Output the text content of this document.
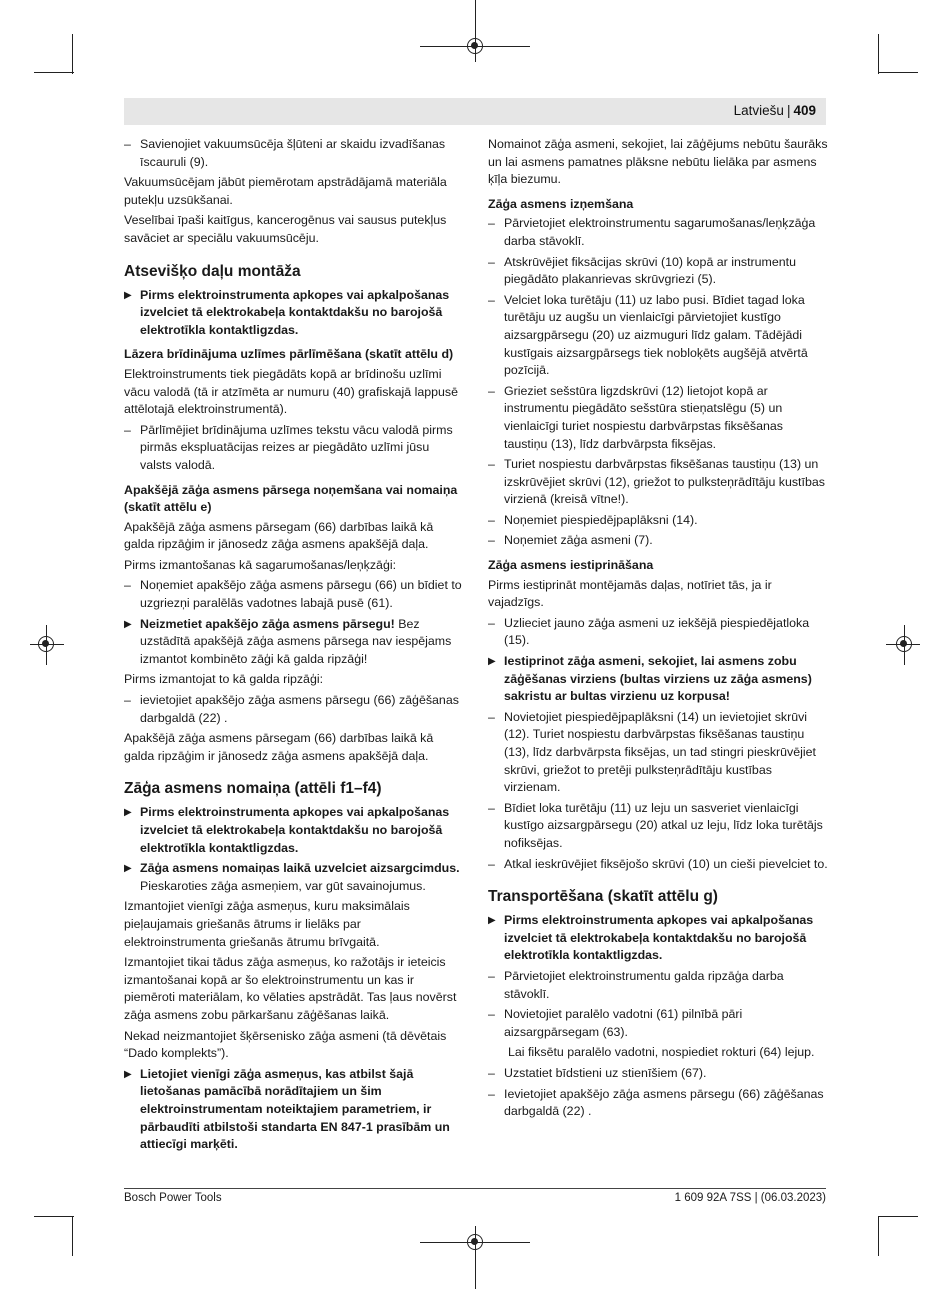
Latviešu | 409
– Savienojiet vakuumsūcēja šļūteni ar skaidu izvadīšanas īscauruli (9).
Vakuumsūcējam jābūt piemērotam apstrādājamā materiāla putekļu uzsūkšanai.
Veselībai īpaši kaitīgus, kancerogēnus vai sausus putekļus savāciet ar speciālu vakuumsūcēju.
Atsevišķo daļu montāža
▶ Pirms elektroinstrumenta apkopes vai apkalpošanas izvelciet tā elektrokabeļa kontaktdakšu no barojošā elektrotīkla kontaktligzdas.
Lāzera brīdinājuma uzlīmes pārlīmēšana (skatīt attēlu d)
Elektroinstruments tiek piegādāts kopā ar brīdinošu uzlīmi vācu valodā (tā ir atzīmēta ar numuru (40) grafiskajā lappusē attēlotajā elektroinstrumentā).
– Pārlīmējiet brīdinājuma uzlīmes tekstu vācu valodā pirms pirmās ekspluatācijas reizes ar piegādāto uzlīmi jūsu valsts valodā.
Apakšējā zāģa asmens pārsega noņemšana vai nomaiņa (skatīt attēlu e)
Apakšējā zāģa asmens pārsegam (66) darbības laikā kā galda ripzāģim ir jānosedz zāģa asmens apakšējā daļa.
Pirms izmantošanas kā sagarumošanas/leņķzāģi:
– Noņemiet apakšējo zāģa asmens pārsegu (66) un bīdiet to uzgriezņi paralēlās vadotnes labajā pusē (61).
▶ Neizmetiet apakšējo zāģa asmens pārsegu! Bez uzstādītā apakšējā zāģa asmens pārsega nav iespējams izmantot kombinēto zāģi kā galda ripzāģi!
Pirms izmantojat to kā galda ripzāģi:
– ievietojiet apakšējo zāģa asmens pārsegu (66) zāģēšanas darbgaldā (22) .
Apakšējā zāģa asmens pārsegam (66) darbības laikā kā galda ripzāģim ir jānosedz zāģa asmens apakšējā daļa.
Zāģa asmens nomaiņa (attēli f1–f4)
▶ Pirms elektroinstrumenta apkopes vai apkalpošanas izvelciet tā elektrokabeļa kontaktdakšu no barojošā elektrotīkla kontaktligzdas.
▶ Zāģa asmens nomaiņas laikā uzvelciet aizsargcimdus. Pieskaroties zāģa asmeņiem, var gūt savainojumus.
Izmantojiet vienīgi zāģa asmeņus, kuru maksimālais pieļaujamais griešanās ātrums ir lielāks par elektroinstrumenta griešanās ātrumu brīvgaitā.
Izmantojiet tikai tādus zāģa asmeņus, ko ražotājs ir ieteicis izmantošanai kopā ar šo elektroinstrumentu un kas ir piemēroti materiālam, ko vēlaties apstrādāt. Tas ļaus novērst zāģa asmens zobu pārkaršanu zāģēšanas laikā.
Nekad neizmantojiet šķērsenisko zāģa asmeni (tā dēvētais “Dado komplekts”).
▶ Lietojiet vienīgi zāģa asmeņus, kas atbilst šajā lietošanas pamācībā norādītajiem un šim elektroinstrumentam noteiktajiem parametriem, ir pārbaudīti atbilstoši standarta EN 847-1 prasībām un attiecīgi marķēti.
Nomainot zāģa asmeni, sekojiet, lai zāģējums nebūtu šaurāks un lai asmens pamatnes plāksne nebūtu lielāka par asmens ķīļa biezumu.
Zāģa asmens izņemšana
– Pārvietojiet elektroinstrumentu sagarumošanas/leņķzāģa darba stāvoklī.
– Atskrūvējiet fiksācijas skrūvi (10) kopā ar instrumentu piegādāto plakanrievas skrūvgriezi (5).
– Velciet loka turētāju (11) uz labo pusi. Bīdiet tagad loka turētāju uz augšu un vienlaicīgi pārvietojiet kustīgo aizsargpārsegu (20) uz aizmuguri līdz galam. Tādējādi kustīgais aizsargpārsegs tiek nobloķēts augšējā atvērtā pozīcijā.
– Grieziet sešstūra ligzdskrūvi (12) lietojot kopā ar instrumentu piegādāto sešstūra stieņatslēgu (5) un vienlaicīgi turiet nospiestu darbvārpstas fiksēšanas taustiņu (13), līdz darbvārpsta fiksējas.
– Turiet nospiestu darbvārpstas fiksēšanas taustiņu (13) un izskrūvējiet skrūvi (12), griežot to pulksteņrādītāju kustības virzienā (kreisā vītne!).
– Noņemiet piespiedējpaplāksni (14).
– Noņemiet zāģa asmeni (7).
Zāģa asmens iestiprināšana
Pirms iestiprināt montējamās daļas, notīriet tās, ja ir vajadzīgs.
– Uzlieciet jauno zāģa asmeni uz iekšējā piespiedējatloka (15).
▶ Iestiprinot zāģa asmeni, sekojiet, lai asmens zobu zāģēšanas virziens (bultas virziens uz zāģa asmens) sakristu ar bultas virzienu uz korpusa!
– Novietojiet piespiedējpaplāksni (14) un ievietojiet skrūvi (12). Turiet nospiestu darbvārpstas fiksēšanas taustiņu (13), līdz darbvārpsta fiksējas, un tad stingri pieskrūvējiet skrūvi, griežot to pretēji pulksteņrādītāju kustības virzienam.
– Bīdiet loka turētāju (11) uz leju un sasveriet vienlaicīgi kustīgo aizsargpārsegu (20) atkal uz leju, līdz loka turētājs nofiksējas.
– Atkal ieskrūvējiet fiksējošo skrūvi (10) un cieši pievelciet to.
Transportēšana (skatīt attēlu g)
▶ Pirms elektroinstrumenta apkopes vai apkalpošanas izvelciet tā elektrokabeļa kontaktdakšu no barojošā elektrotīkla kontaktligzdas.
– Pārvietojiet elektroinstrumentu galda ripzāģa darba stāvoklī.
– Novietojiet paralēlo vadotni (61) pilnībā pāri aizsargpārsegam (63).
Lai fiksētu paralēlo vadotni, nospiediet rokturi (64) lejup.
– Uzstatiet bīdstieni uz stienīšiem (67).
– Ievietojiet apakšējo zāģa asmens pārsegu (66) zāģēšanas darbgaldā (22) .
Bosch Power Tools	1 609 92A 7SS | (06.03.2023)
